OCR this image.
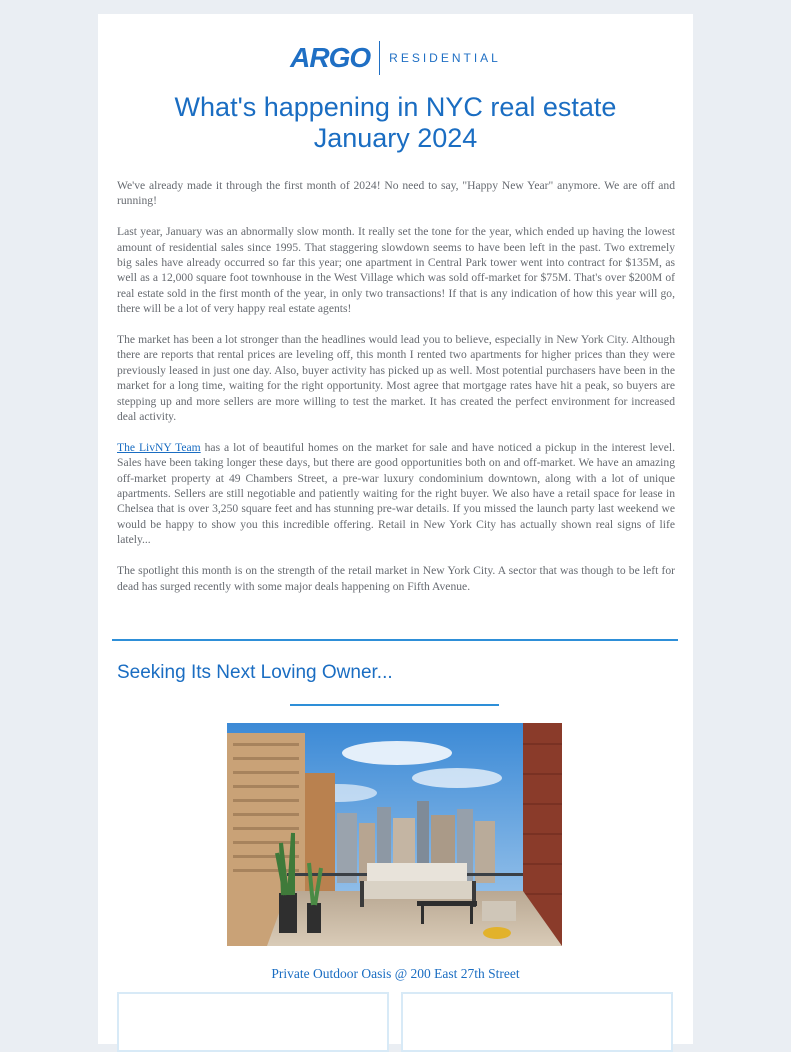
ARGO RESIDENTIAL
What's happening in NYC real estate
January 2024

We've already made it through the first month of 2024! No need to say, "Happy New Year" anymore. We are off and running!

Last year, January was an abnormally slow month. It really set the tone for the year, which ended up having the lowest amount of residential sales since 1995. That staggering slowdown seems to have been left in the past. Two extremely big sales have already occurred so far this year; one apartment in Central Park tower went into contract for $135M, as well as a 12,000 square foot townhouse in the West Village which was sold off-market for $75M. That's over $200M of real estate sold in the first month of the year, in only two transactions! If that is any indication of how this year will go, there will be a lot of very happy real estate agents!

The market has been a lot stronger than the headlines would lead you to believe, especially in New York City. Although there are reports that rental prices are leveling off, this month I rented two apartments for higher prices than they were previously leased in just one day. Also, buyer activity has picked up as well. Most potential purchasers have been in the market for a long time, waiting for the right opportunity. Most agree that mortgage rates have hit a peak, so buyers are stepping up and more sellers are more willing to test the market. It has created the perfect environment for increased deal activity.

The LivNY Team has a lot of beautiful homes on the market for sale and have noticed a pickup in the interest level. Sales have been taking longer these days, but there are good opportunities both on and off-market. We have an amazing off-market property at 49 Chambers Street, a pre-war luxury condominium downtown, along with a lot of unique apartments. Sellers are still negotiable and patiently waiting for the right buyer. We also have a retail space for lease in Chelsea that is over 3,250 square feet and has stunning pre-war details. If you missed the launch party last weekend we would be happy to show you this incredible offering. Retail in New York City has actually shown real signs of life lately...

The spotlight this month is on the strength of the retail market in New York City. A sector that was though to be left for dead has surged recently with some major deals happening on Fifth Avenue.

Seeking Its Next Loving Owner...
Private Outdoor Oasis @ 200 East 27th Street
